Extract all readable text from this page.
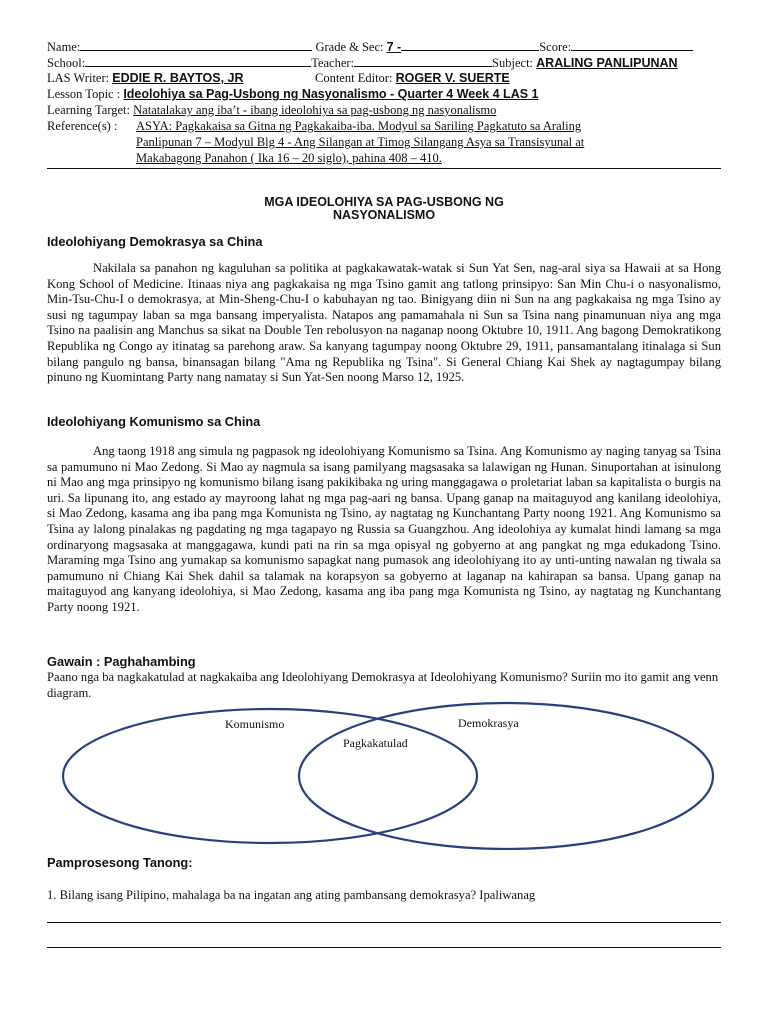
Name:	Grade & Sec: 7 -	Score:
School:	Teacher:	Subject: ARALING PANLIPUNAN
LAS Writer: EDDIE R. BAYTOS, JR	Content Editor: ROGER V. SUERTE
Lesson Topic : Ideolohiya sa Pag-Usbong ng Nasyonalismo - Quarter 4 Week 4 LAS 1
Learning Target: Natatalakay ang iba’t - ibang ideolohiya sa pag-usbong ng nasyonalismo
Reference(s) : ASYA: Pagkakaisa sa Gitna ng Pagkakaiba-iba. Modyul sa Sariling Pagkatuto sa Araling
Panlipunan 7 – Modyul Blg 4 - Ang Silangan at Timog Silangang Asya sa Transisyunal at
Makabagong Panahon ( Ika 16 – 20 siglo), pahina 408 – 410.
MGA IDEOLOHIYA SA PAG-USBONG NG
NASYONALISMO
Ideolohiyang Demokrasya sa China
Nakilala sa panahon ng kaguluhan sa politika at pagkakawatak-watak si Sun Yat Sen, nag-aral siya sa Hawaii at sa Hong Kong School of Medicine. Itinaas niya ang pagkakaisa ng mga Tsino gamit ang tatlong prinsipyo: San Min Chu-i o nasyonalismo, Min-Tsu-Chu-I o demokrasya, at Min-Sheng-Chu-I o kabuhayan ng tao. Binigyang diin ni Sun na ang pagkakaisa ng mga Tsino ay susi ng tagumpay laban sa mga bansang imperyalista. Natapos ang pamamahala ni Sun sa Tsina nang pinamunuan niya ang mga Tsino na paalisin ang Manchus sa sikat na Double Ten rebolusyon na naganap noong Oktubre 10, 1911. Ang bagong Demokratikong Republika ng Congo ay itinatag sa parehong araw. Sa kanyang tagumpay noong Oktubre 29, 1911, pansamantalang itinalaga si Sun bilang pangulo ng bansa, binansagan bilang "Ama ng Republika ng Tsina". Si General Chiang Kai Shek ay nagtagumpay bilang pinuno ng Kuomintang Party nang namatay si Sun Yat-Sen noong Marso 12, 1925.
Ideolohiyang Komunismo sa China
Ang taong 1918 ang simula ng pagpasok ng ideolohiyang Komunismo sa Tsina. Ang Komunismo ay naging tanyag sa Tsina sa pamumuno ni Mao Zedong. Si Mao ay nagmula sa isang pamilyang magsasaka sa lalawigan ng Hunan. Sinuportahan at isinulong ni Mao ang mga prinsipyo ng komunismo bilang isang pakikibaka ng uring manggagawa o proletariat laban sa kapitalista o burgis na uri. Sa lipunang ito, ang estado ay mayroong lahat ng mga pag-aari ng bansa. Upang ganap na maitaguyod ang kanilang ideolohiya, si Mao Zedong, kasama ang iba pang mga Komunista ng Tsino, ay nagtatag ng Kunchantang Party noong 1921. Ang Komunismo sa Tsina ay lalong pinalakas ng pagdating ng mga tagapayo ng Russia sa Guangzhou. Ang ideolohiya ay kumalat hindi lamang sa mga ordinaryong magsasaka at manggagawa, kundi pati na rin sa mga opisyal ng gobyerno at ang pangkat ng mga edukadong Tsino. Maraming mga Tsino ang yumakap sa komunismo sapagkat nang pumasok ang ideolohiyang ito ay unti-unting nawalan ng tiwala sa pamumuno ni Chiang Kai Shek dahil sa talamak na korapsyon sa gobyerno at laganap na kahirapan sa bansa. Upang ganap na maitaguyod ang kanyang ideolohiya, si Mao Zedong, kasama ang iba pang mga Komunista ng Tsino, ay nagtatag ng Kunchantang Party noong 1921.
Gawain : Paghahambing
Paano nga ba nagkakatulad at nagkakaiba ang Ideolohiyang Demokrasya at Ideolohiyang Komunismo? Suriin mo ito gamit ang venn diagram.
Komunismo	Demokrasya
Pagkakatulad
Pamprosesong Tanong:
1. Bilang isang Pilipino, mahalaga ba na ingatan ang ating pambansang demokrasya? Ipaliwanag
